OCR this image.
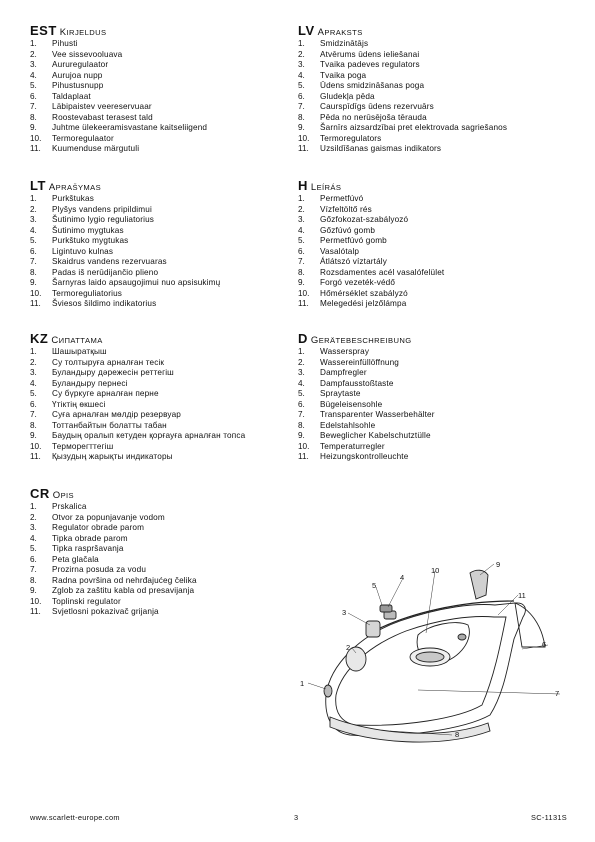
EST KIRJELDUS
1.	Pihusti
2.	Vee sissevooluava
3.	Aururegulaator
4.	Aurujoa nupp
5.	Pihustusnupp
6.	Taldaplaat
7.	Läbipaistev veereservuaar
8.	Roostevabast terasest tald
9.	Juhtme ülekeeramisvastane kaitseliigend
10.	Termoregulaator
11.	Kuumenduse märgutuli
LV APRAKSTS
1.	Smidzinātājs
2.	Atvērums ūdens ieliešanai
3.	Tvaika padeves regulators
4.	Tvaika poga
5.	Ūdens smidzināšanas poga
6.	Gludekļa pēda
7.	Caurspīdīgs ūdens rezervuārs
8.	Pēda no nerūsējoša tērauda
9.	Šarnīrs aizsardzībai pret elektrovada sagriešanos
10.	Termoregulators
11.	Uzsildīšanas gaismas indikators
LT APRAŠYMAS
1.	Purkštukas
2.	Plyšys vandens pripildimui
3.	Šutinimo lygio reguliatorius
4.	Šutinimo mygtukas
5.	Purkštuko mygtukas
6.	Ligintuvo kulnas
7.	Skaidrus vandens rezervuaras
8.	Padas iš nerūdijančio plieno
9.	Šarnyras laido apsaugojimui nuo apsisukimų
10.	Termoreguliatorius
11.	Šviesos šildimo indikatorius
H LEÍRÁS
1.	Permetfúvó
2.	Vízfeltöltő rés
3.	Gőzfokozat-szabályozó
4.	Gőzfúvó gomb
5.	Permetfúvó gomb
6.	Vasalótalp
7.	Átlátszó víztartály
8.	Rozsdamentes acél vasalófelület
9.	Forgó vezeték-védő
10.	Hőmérséklet szabályzó
11.	Melegedési jelzőlámpa
KZ СИПАТТАМА
1.	Шашыратқыш
2.	Су толтыруға арналған тесік
3.	Буландыру дәрежесін реттегіш
4.	Буландыру пернесі
5.	Су бүркуге арналған перне
6.	Үтіктің өкшесі
7.	Суға арналған мөлдір резервуар
8.	Тоттанбайтын болатты табан
9.	Баудың оралып кетуден қорғауға арналған топса
10.	Терморегттегіш
11.	Қызудың жарықты индикаторы
D GERÄTEBESCHREIBUNG
1.	Wasserspray
2.	Wassereinfüllöffnung
3.	Dampfregler
4.	Dampfausstoßtaste
5.	Spraytaste
6.	Bügeleisensohle
7.	Transparenter Wasserbehälter
8.	Edelstahlsohle
9.	Beweglicher Kabelschutztülle
10.	Temperaturregler
11.	Heizungskontrolleuchte
CR OPIS
1.	Prskalica
2.	Otvor za popunjavanje vodom
3.	Regulator obrade parom
4.	Tipka obrade parom
5.	Tipka raspršavanja
6.	Peta glačala
7.	Prozirna posuda za vodu
8.	Radna površina od nehrđajućeg čelika
9.	Zglob za zaštitu kabla od presavijanja
10.	Toplinski regulator
11.	Svjetlosni pokazivač grijanja
1
2
3
4
5
6
7
8
9
10
11
www.scarlett-europe.com	3	SC-1131S
